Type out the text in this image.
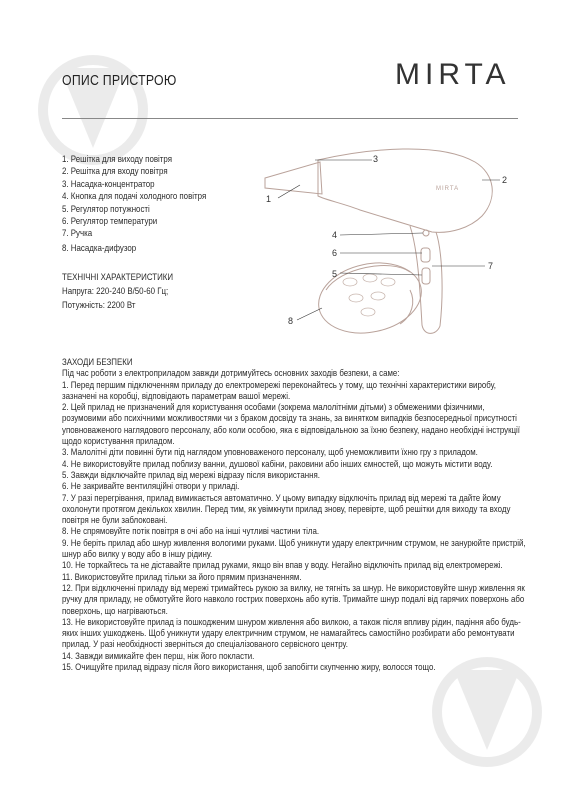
ОПИС ПРИСТРОЮ	MIRTA
1. Решітка для виходу повітря
2. Решітка для входу повітря
3. Насадка-концентратор
4. Кнопка для подачі холодного повітря
5. Регулятор потужності
6. Регулятор температури
7. Ручка
8. Насадка-дифузор
ТЕХНІЧНІ ХАРАКТЕРИСТИКИ
Напруга: 220-240 В/50-60 Гц;
Потужність: 2200 Вт
MIRTA
1
2
3
4
5
6
7
8

ЗАХОДИ БЕЗПЕКИ

Під час роботи з електроприладом завжди дотримуйтесь основних заходів безпеки, а саме:

1. Перед першим підключенням приладу до електромережі переконайтесь у тому, що технічні характеристики виробу, зазначені на коробці, відповідають параметрам вашої мережі.

2. Цей прилад не призначений для користування особами (зокрема малолітніми дітьми) з обмеженими фізичними, розумовими або психічними можливостями чи з браком досвіду та знань, за винятком випадків безпосередньої присутності уповноваженого наглядового персоналу, або коли особою, яка є відповідальною за їхню безпеку, надано необхідні інструкції щодо користування приладом.

3. Малолітні діти повинні бути під наглядом уповноваженого персоналу, щоб унеможливити їхню гру з приладом.

4. Не використовуйте прилад поблизу ванни, душової кабіни, раковини або інших ємностей, що можуть містити воду.

5. Завжди відключайте прилад від мережі відразу після використання.

6. Не закривайте вентиляційні отвори у приладі.

7. У разі перегрівання, прилад вимикається автоматично. У цьому випадку відключіть прилад від мережі та дайте йому охолонути протягом декількох хвилин. Перед тим, як увімкнути прилад знову, перевірте, щоб решітки для виходу та входу повітря не були заблоковані.

8. Не спрямовуйте потік повітря в очі або на інші чутливі частини тіла.

9. Не беріть прилад або шнур живлення вологими руками. Щоб уникнути удару електричним струмом, не занурюйте пристрій, шнур або вилку у воду або в іншу рідину.

10. Не торкайтесь та не діставайте прилад руками, якщо він впав у воду. Негайно відключіть прилад від електромережі.

11. Використовуйте прилад тільки за його прямим призначенням.

12. При відключенні приладу від мережі тримайтесь рукою за вилку, не тягніть за шнур. Не використовуйте шнур живлення як ручку для приладу, не обмотуйте його навколо гострих поверхонь або кутів. Тримайте шнур подалі від гарячих поверхонь або поверхонь, що нагріваються.

13. Не використовуйте прилад із пошкодженим шнуром живлення або вилкою, а також після впливу рідин, падіння або будь-яких інших ушкоджень. Щоб уникнути удару електричним струмом, не намагайтесь самостійно розбирати або ремонтувати прилад. У разі необхідності зверніться до спеціалізованого сервісного центру.

14. Завжди вимикайте фен перш, ніж його покласти.

15. Очищуйте прилад відразу після його використання, щоб запобігти скупченню жиру, волосся тощо.
